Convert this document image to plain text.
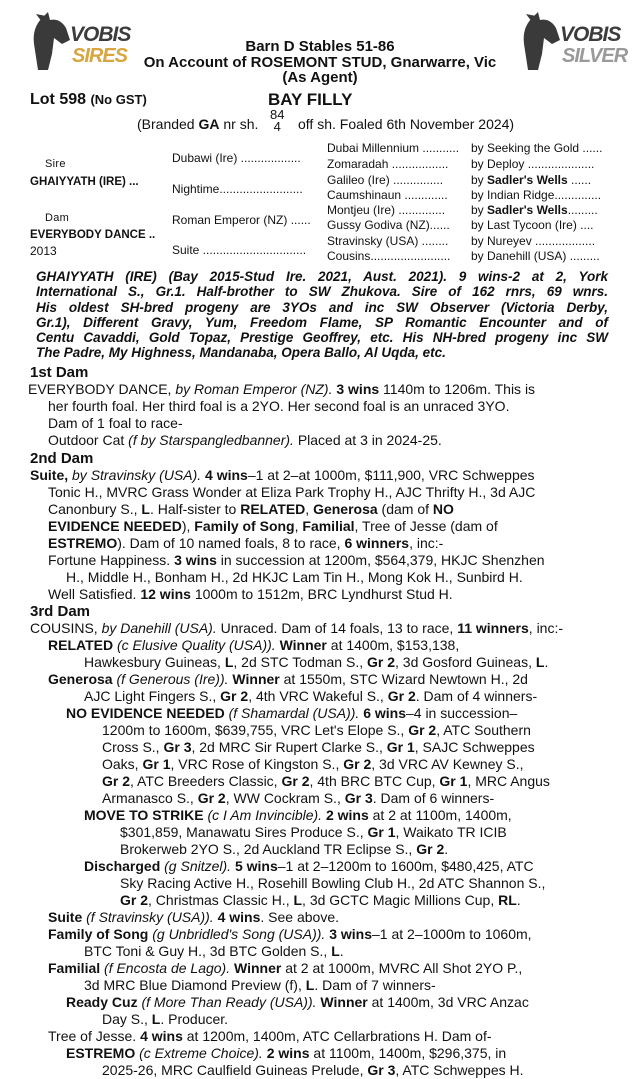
VOBIS
SIRES
VOBIS
SILVER
Barn D Stables 51-86
On Account of ROSEMONT STUD, Gnarwarre, Vic
(As Agent)
Lot 598 (No GST)	BAY FILLY
(Branded GA nr sh.
84
4 off sh. Foaled 6th November 2024)
Sire
GHAIYYATH (IRE) ...
Dam
EVERYBODY DANCE ..
2013
Dubawi (Ire) ..................
Nightime.........................
Roman Emperor (NZ) ......
Suite ...............................
Dubai Millennium ...........
Zomaradah .................
Galileo (Ire) ...............
Caumshinaun .............
Montjeu (Ire) ..............
Gussy Godiva (NZ)......
Stravinsky (USA) ........
Cousins........................
by Seeking the Gold ......
by Deploy ....................
by Sadler's Wells ......
by Indian Ridge..............
by Sadler's Wells.........
by Last Tycoon (Ire) ....
by Nureyev ..................
by Danehill (USA) .........
GHAIYYATH (IRE) (Bay 2015-Stud Ire. 2021, Aust. 2021). 9 wins-2 at 2, York
International S., Gr.1. Half-brother to SW Zhukova. Sire of 162 rnrs, 69 wnrs.
His oldest SH-bred progeny are 3YOs and inc SW Observer (Victoria Derby,
Gr.1), Different Gravy, Yum, Freedom Flame, SP Romantic Encounter and of
Centu Cavaddi, Gold Topaz, Prestige Geoffrey, etc. His NH-bred progeny inc SW
The Padre, My Highness, Mandanaba, Opera Ballo, Al Uqda, etc.
1st Dam
EVERYBODY DANCE, by Roman Emperor (NZ). 3 wins 1140m to 1206m. This is
her fourth foal. Her third foal is a 2YO. Her second foal is an unraced 3YO.
Dam of 1 foal to race-
Outdoor Cat (f by Starspangledbanner). Placed at 3 in 2024-25.
2nd Dam
Suite, by Stravinsky (USA). 4 wins–1 at 2–at 1000m, $111,900, VRC Schweppes
Tonic H., MVRC Grass Wonder at Eliza Park Trophy H., AJC Thrifty H., 3d AJC
Canonbury S., L. Half-sister to RELATED, Generosa (dam of NO
EVIDENCE NEEDED), Family of Song, Familial, Tree of Jesse (dam of
ESTREMO). Dam of 10 named foals, 8 to race, 6 winners, inc:-
Fortune Happiness. 3 wins in succession at 1200m, $564,379, HKJC Shenzhen
H., Middle H., Bonham H., 2d HKJC Lam Tin H., Mong Kok H., Sunbird H.
Well Satisfied. 12 wins 1000m to 1512m, BRC Lyndhurst Stud H.
3rd Dam
COUSINS, by Danehill (USA). Unraced. Dam of 14 foals, 13 to race, 11 winners, inc:-
RELATED (c Elusive Quality (USA)). Winner at 1400m, $153,138,
Hawkesbury Guineas, L, 2d STC Todman S., Gr 2, 3d Gosford Guineas, L.
Generosa (f Generous (Ire)). Winner at 1550m, STC Wizard Newtown H., 2d
AJC Light Fingers S., Gr 2, 4th VRC Wakeful S., Gr 2. Dam of 4 winners-
NO EVIDENCE NEEDED (f Shamardal (USA)). 6 wins–4 in succession–
1200m to 1600m, $639,755, VRC Let's Elope S., Gr 2, ATC Southern
Cross S., Gr 3, 2d MRC Sir Rupert Clarke S., Gr 1, SAJC Schweppes
Oaks, Gr 1, VRC Rose of Kingston S., Gr 2, 3d VRC AV Kewney S.,
Gr 2, ATC Breeders Classic, Gr 2, 4th BRC BTC Cup, Gr 1, MRC Angus
Armanasco S., Gr 2, WW Cockram S., Gr 3. Dam of 6 winners-
MOVE TO STRIKE (c I Am Invincible). 2 wins at 2 at 1100m, 1400m,
$301,859, Manawatu Sires Produce S., Gr 1, Waikato TR ICIB
Brokerweb 2YO S., 2d Auckland TR Eclipse S., Gr 2.
Discharged (g Snitzel). 5 wins–1 at 2–1200m to 1600m, $480,425, ATC
Sky Racing Active H., Rosehill Bowling Club H., 2d ATC Shannon S.,
Gr 2, Christmas Classic H., L, 3d GCTC Magic Millions Cup, RL.
Suite (f Stravinsky (USA)). 4 wins. See above.
Family of Song (g Unbridled's Song (USA)). 3 wins–1 at 2–1000m to 1060m,
BTC Toni & Guy H., 3d BTC Golden S., L.
Familial (f Encosta de Lago). Winner at 2 at 1000m, MVRC All Shot 2YO P.,
3d MRC Blue Diamond Preview (f), L. Dam of 7 winners-
Ready Cuz (f More Than Ready (USA)). Winner at 1400m, 3d VRC Anzac
Day S., L. Producer.
Tree of Jesse. 4 wins at 1200m, 1400m, ATC Cellarbrations H. Dam of-
ESTREMO (c Extreme Choice). 2 wins at 1100m, 1400m, $296,375, in
2025-26, MRC Caulfield Guineas Prelude, Gr 3, ATC Schweppes H.
